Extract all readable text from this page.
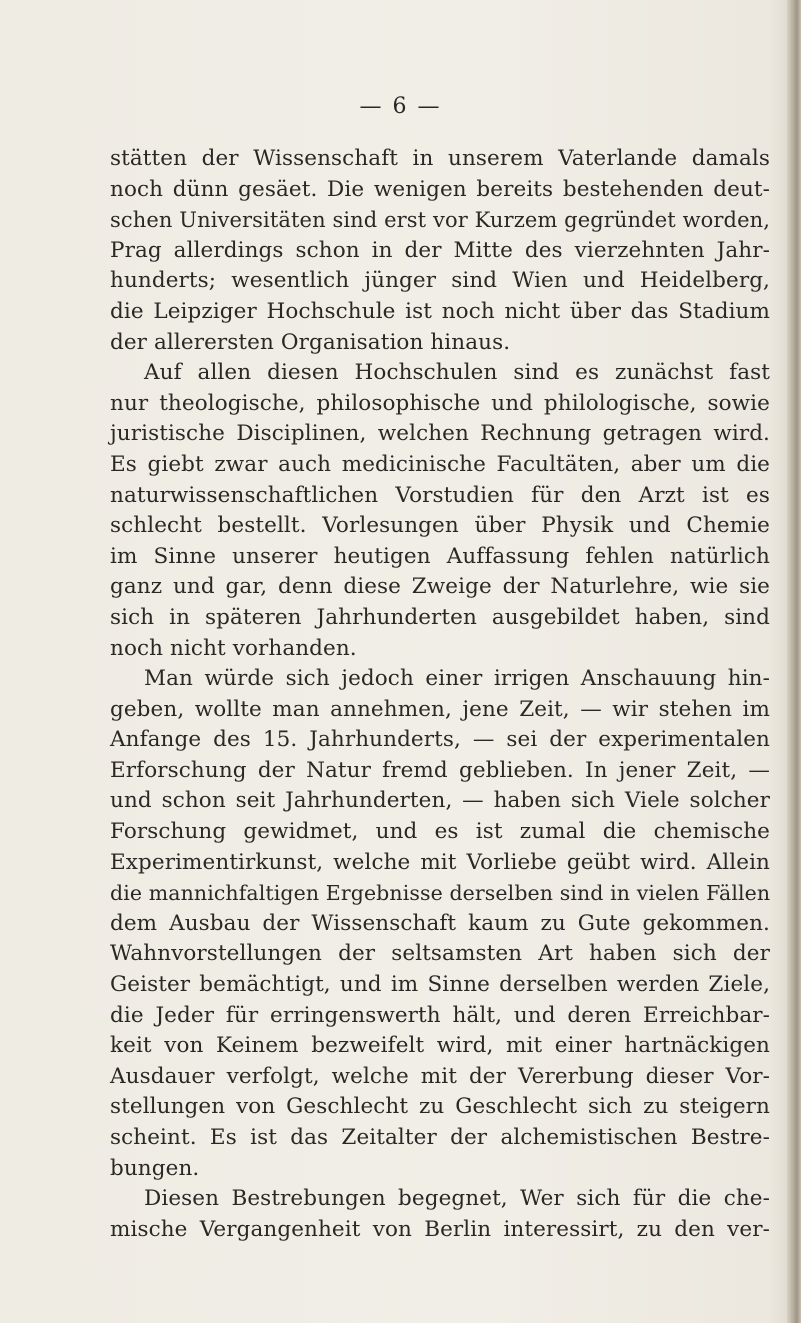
— 6 —
stätten der Wissenschaft in unserem Vaterlande damals
noch dünn gesäet. Die wenigen bereits bestehenden deut-
schen Universitäten sind erst vor Kurzem gegründet worden,
Prag allerdings schon in der Mitte des vierzehnten Jahr-
hunderts; wesentlich jünger sind Wien und Heidelberg,
die Leipziger Hochschule ist noch nicht über das Stadium
der allerersten Organisation hinaus.
Auf allen diesen Hochschulen sind es zunächst fast
nur theologische, philosophische und philologische, sowie
juristische Disciplinen, welchen Rechnung getragen wird.
Es giebt zwar auch medicinische Facultäten, aber um die
naturwissenschaftlichen Vorstudien für den Arzt ist es
schlecht bestellt. Vorlesungen über Physik und Chemie
im Sinne unserer heutigen Auffassung fehlen natürlich
ganz und gar, denn diese Zweige der Naturlehre, wie sie
sich in späteren Jahrhunderten ausgebildet haben, sind
noch nicht vorhanden.
Man würde sich jedoch einer irrigen Anschauung hin-
geben, wollte man annehmen, jene Zeit, — wir stehen im
Anfange des 15. Jahrhunderts, — sei der experimentalen
Erforschung der Natur fremd geblieben. In jener Zeit, —
und schon seit Jahrhunderten, — haben sich Viele solcher
Forschung gewidmet, und es ist zumal die chemische
Experimentirkunst, welche mit Vorliebe geübt wird. Allein
die mannichfaltigen Ergebnisse derselben sind in vielen Fällen
dem Ausbau der Wissenschaft kaum zu Gute gekommen.
Wahnvorstellungen der seltsamsten Art haben sich der
Geister bemächtigt, und im Sinne derselben werden Ziele,
die Jeder für erringenswerth hält, und deren Erreichbar-
keit von Keinem bezweifelt wird, mit einer hartnäckigen
Ausdauer verfolgt, welche mit der Vererbung dieser Vor-
stellungen von Geschlecht zu Geschlecht sich zu steigern
scheint. Es ist das Zeitalter der alchemistischen Bestre-
bungen.
Diesen Bestrebungen begegnet, Wer sich für die che-
mische Vergangenheit von Berlin interessirt, zu den ver-
